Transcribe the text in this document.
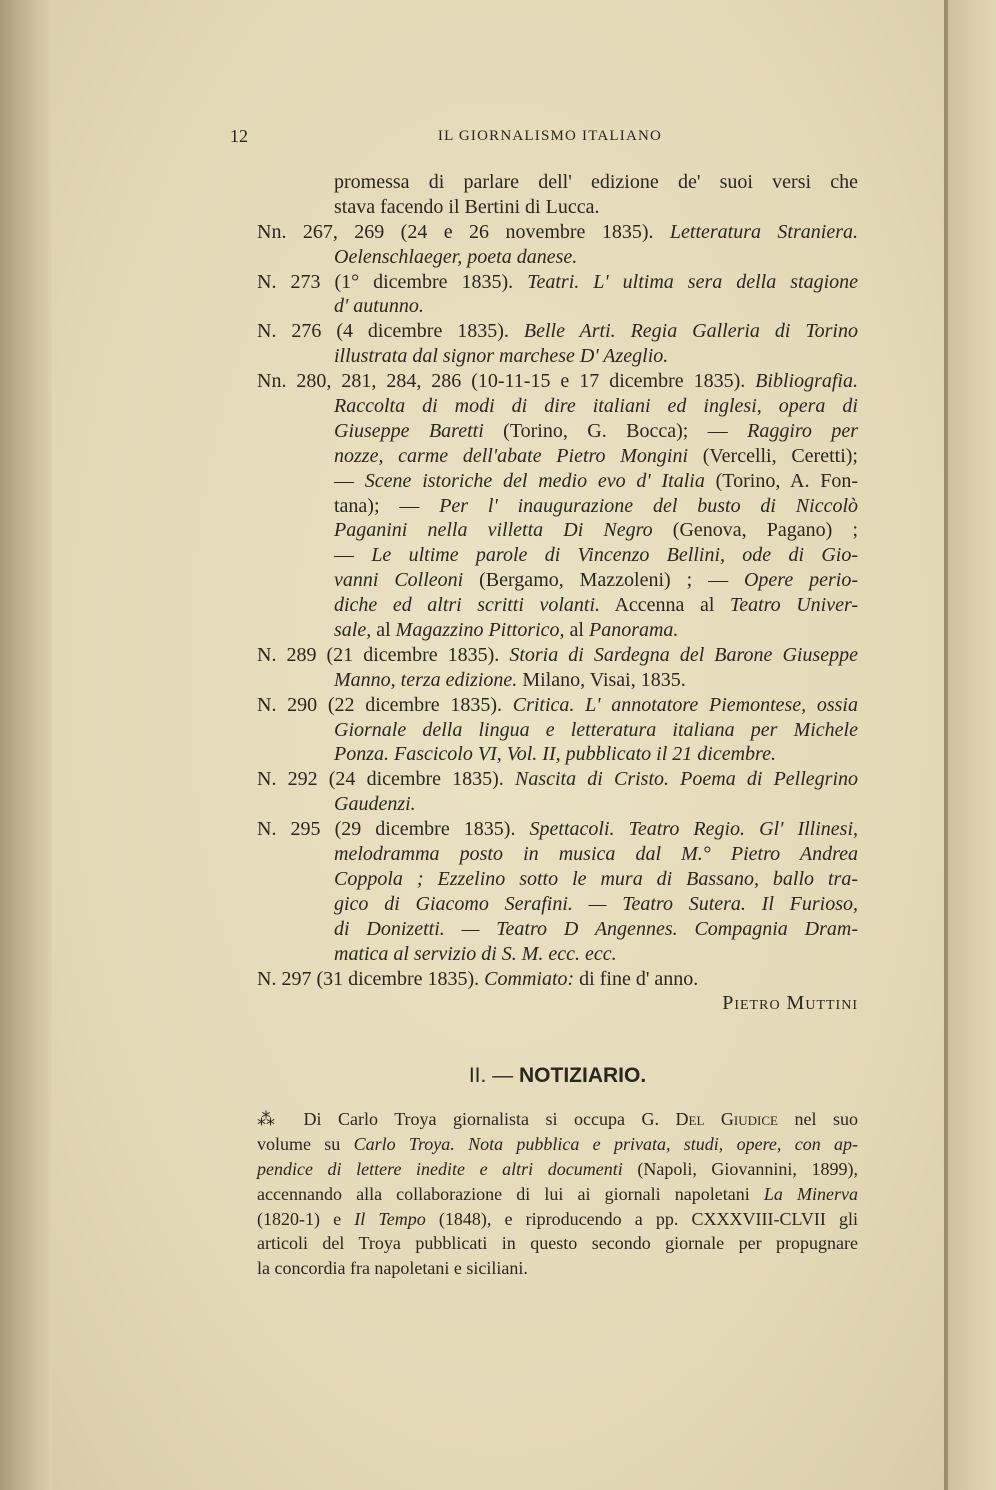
12	IL GIORNALISMO ITALIANO
promessa di parlare dell' edizione de' suoi versi che
stava facendo il Bertini di Lucca.
Nn. 267, 269 (24 e 26 novembre 1835). Letteratura Straniera.
Oelenschlaeger, poeta danese.
N. 273 (1° dicembre 1835). Teatri. L' ultima sera della stagione
d' autunno.
N. 276 (4 dicembre 1835). Belle Arti. Regia Galleria di Torino
illustrata dal signor marchese D' Azeglio.
Nn. 280, 281, 284, 286 (10-11-15 e 17 dicembre 1835). Bibliografia.
Raccolta di modi di dire italiani ed inglesi, opera di
Giuseppe Baretti (Torino, G. Bocca); — Raggiro per
nozze, carme dell'abate Pietro Mongini (Vercelli, Ceretti);
— Scene istoriche del medio evo d' Italia (Torino, A. Fon-
tana); — Per l' inaugurazione del busto di Niccolò
Paganini nella villetta Di Negro (Genova, Pagano) ;
— Le ultime parole di Vincenzo Bellini, ode di Gio-
vanni Colleoni (Bergamo, Mazzoleni) ; — Opere perio-
diche ed altri scritti volanti. Accenna al Teatro Univer-
sale, al Magazzino Pittorico, al Panorama.
N. 289 (21 dicembre 1835). Storia di Sardegna del Barone Giuseppe
Manno, terza edizione. Milano, Visai, 1835.
N. 290 (22 dicembre 1835). Critica. L' annotatore Piemontese, ossia
Giornale della lingua e letteratura italiana per Michele
Ponza. Fascicolo VI, Vol. II, pubblicato il 21 dicembre.
N. 292 (24 dicembre 1835). Nascita di Cristo. Poema di Pellegrino
Gaudenzi.
N. 295 (29 dicembre 1835). Spettacoli. Teatro Regio. Gl' Illinesi,
melodramma posto in musica dal M.° Pietro Andrea
Coppola ; Ezzelino sotto le mura di Bassano, ballo tra-
gico di Giacomo Serafini. — Teatro Sutera. Il Furioso,
di Donizetti. — Teatro D Angennes. Compagnia Dram-
matica al servizio di S. M. ecc. ecc.
N. 297 (31 dicembre 1835). Commiato: di fine d' anno.
Pietro Muttini
II. — NOTIZIARIO.
⁂ Di Carlo Troya giornalista si occupa G. Del Giudice nel suo
volume su Carlo Troya. Nota pubblica e privata, studi, opere, con ap-
pendice di lettere inedite e altri documenti (Napoli, Giovannini, 1899),
accennando alla collaborazione di lui ai giornali napoletani La Minerva
(1820-1) e Il Tempo (1848), e riproducendo a pp. CXXXVIII-CLVII gli
articoli del Troya pubblicati in questo secondo giornale per propugnare
la concordia fra napoletani e siciliani.
